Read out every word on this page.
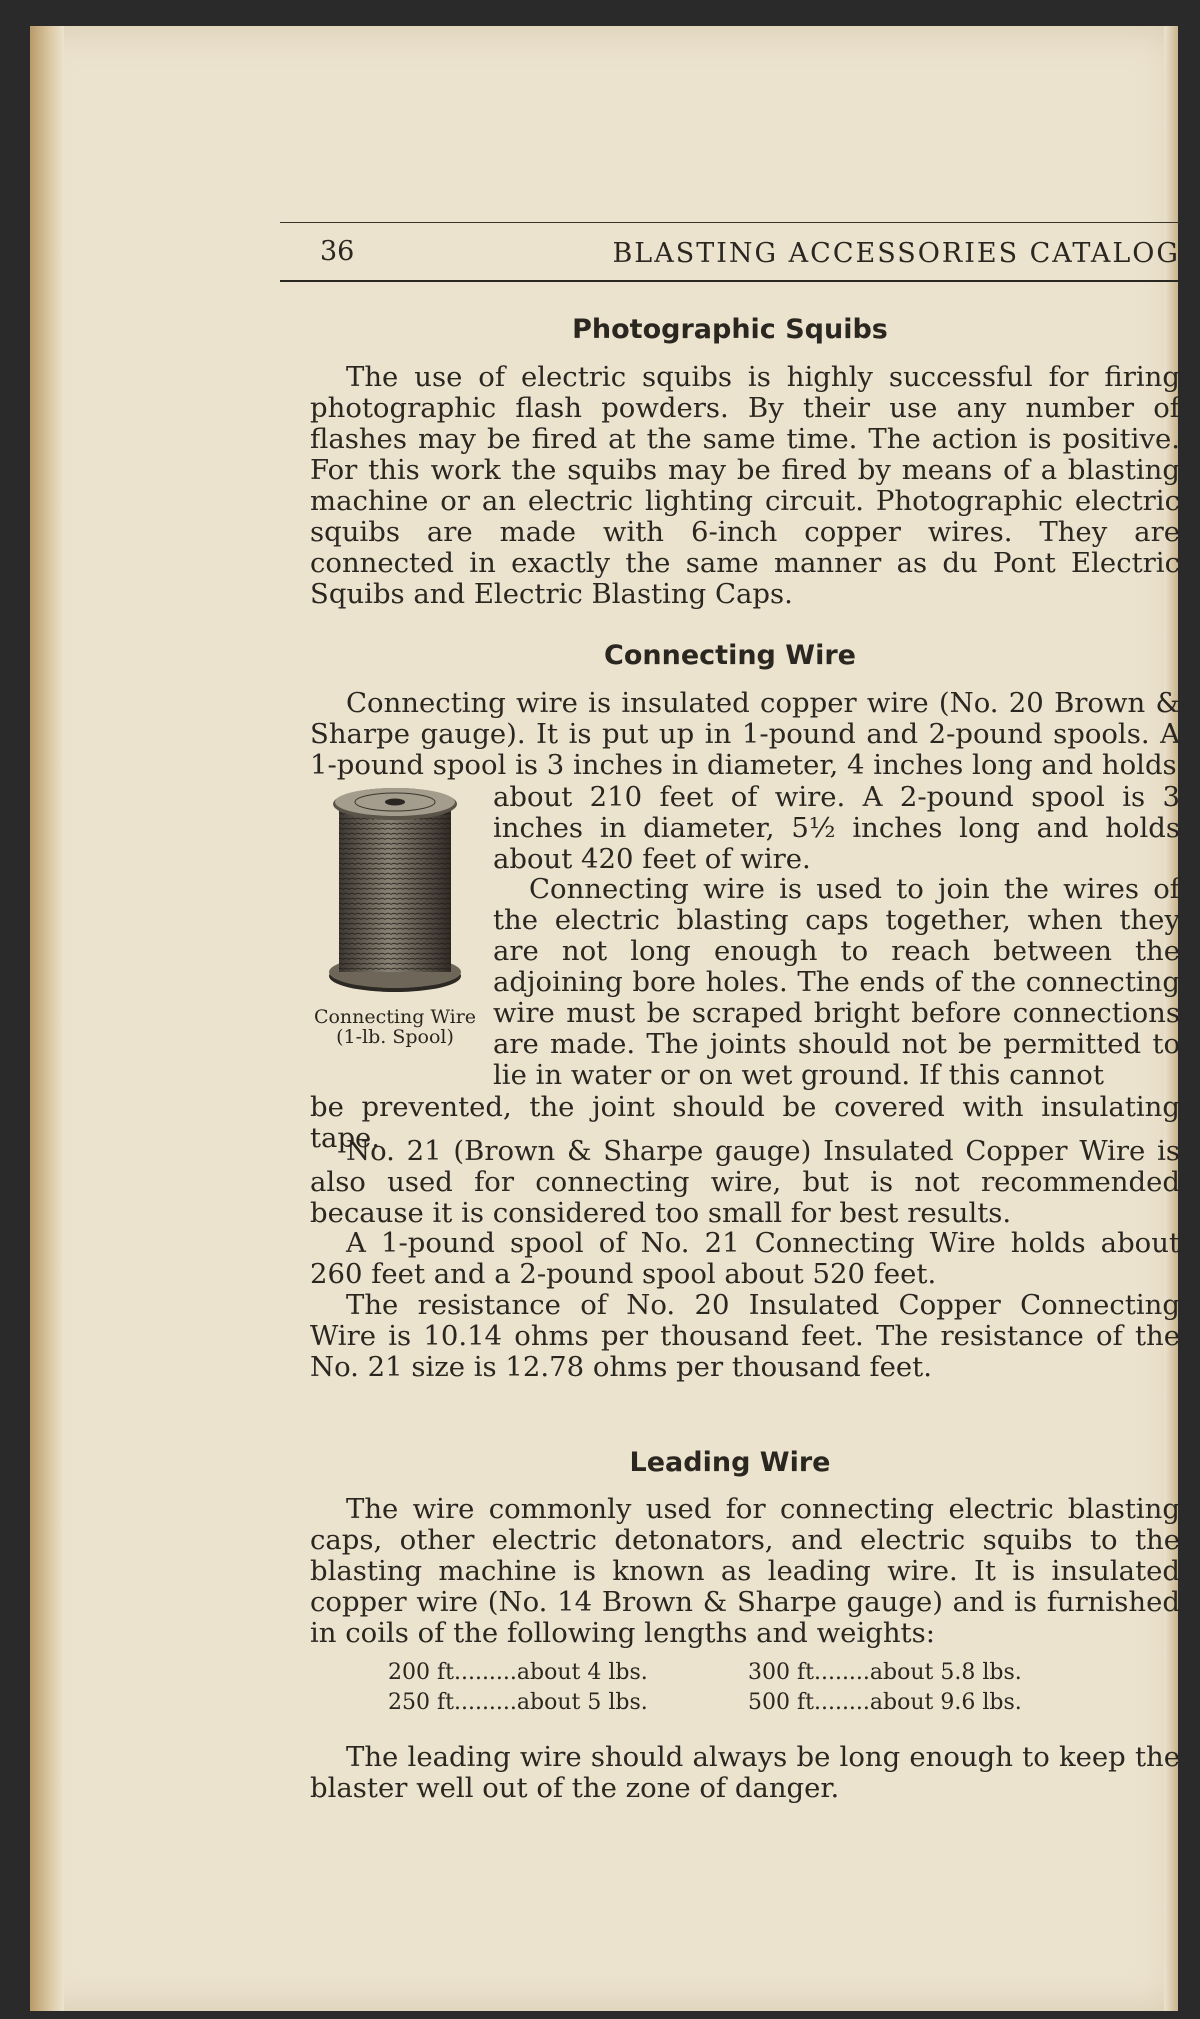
36	BLASTING ACCESSORIES CATALOG
Photographic Squibs

The use of electric squibs is highly successful for firing photographic flash powders. By their use any number of flashes may be fired at the same time. The action is positive. For this work the squibs may be fired by means of a blasting machine or an electric lighting circuit. Photographic electric squibs are made with 6-inch copper wires. They are connected in exactly the same manner as du Pont Electric Squibs and Electric Blasting Caps.

Connecting Wire

Connecting wire is insulated copper wire (No. 20 Brown & Sharpe gauge). It is put up in 1-pound and 2-pound spools. A 1-pound spool is 3 inches in diameter, 4 inches long and holds

Connecting Wire
(1-lb. Spool)

about 210 feet of wire. A 2-pound spool is 3 inches in diameter, 5½ inches long and holds about 420 feet of wire.

Connecting wire is used to join the wires of the electric blasting caps together, when they are not long enough to reach between the adjoining bore holes. The ends of the connecting wire must be scraped bright before connections are made. The joints should not be permitted to lie in water or on wet ground. If this cannot

be prevented, the joint should be covered with insulating tape.

No. 21 (Brown & Sharpe gauge) Insulated Copper Wire is also used for connecting wire, but is not recommended because it is considered too small for best results.

A 1-pound spool of No. 21 Connecting Wire holds about 260 feet and a 2-pound spool about 520 feet.

The resistance of No. 20 Insulated Copper Connecting Wire is 10.14 ohms per thousand feet. The resistance of the No. 21 size is 12.78 ohms per thousand feet.

Leading Wire

The wire commonly used for connecting electric blasting caps, other electric detonators, and electric squibs to the blasting machine is known as leading wire. It is insulated copper wire (No. 14 Brown & Sharpe gauge) and is furnished in coils of the following lengths and weights:

200 ft.........about 4 lbs.	300 ft........about 5.8 lbs.
250 ft.........about 5 lbs.	500 ft........about 9.6 lbs.

The leading wire should always be long enough to keep the blaster well out of the zone of danger.
